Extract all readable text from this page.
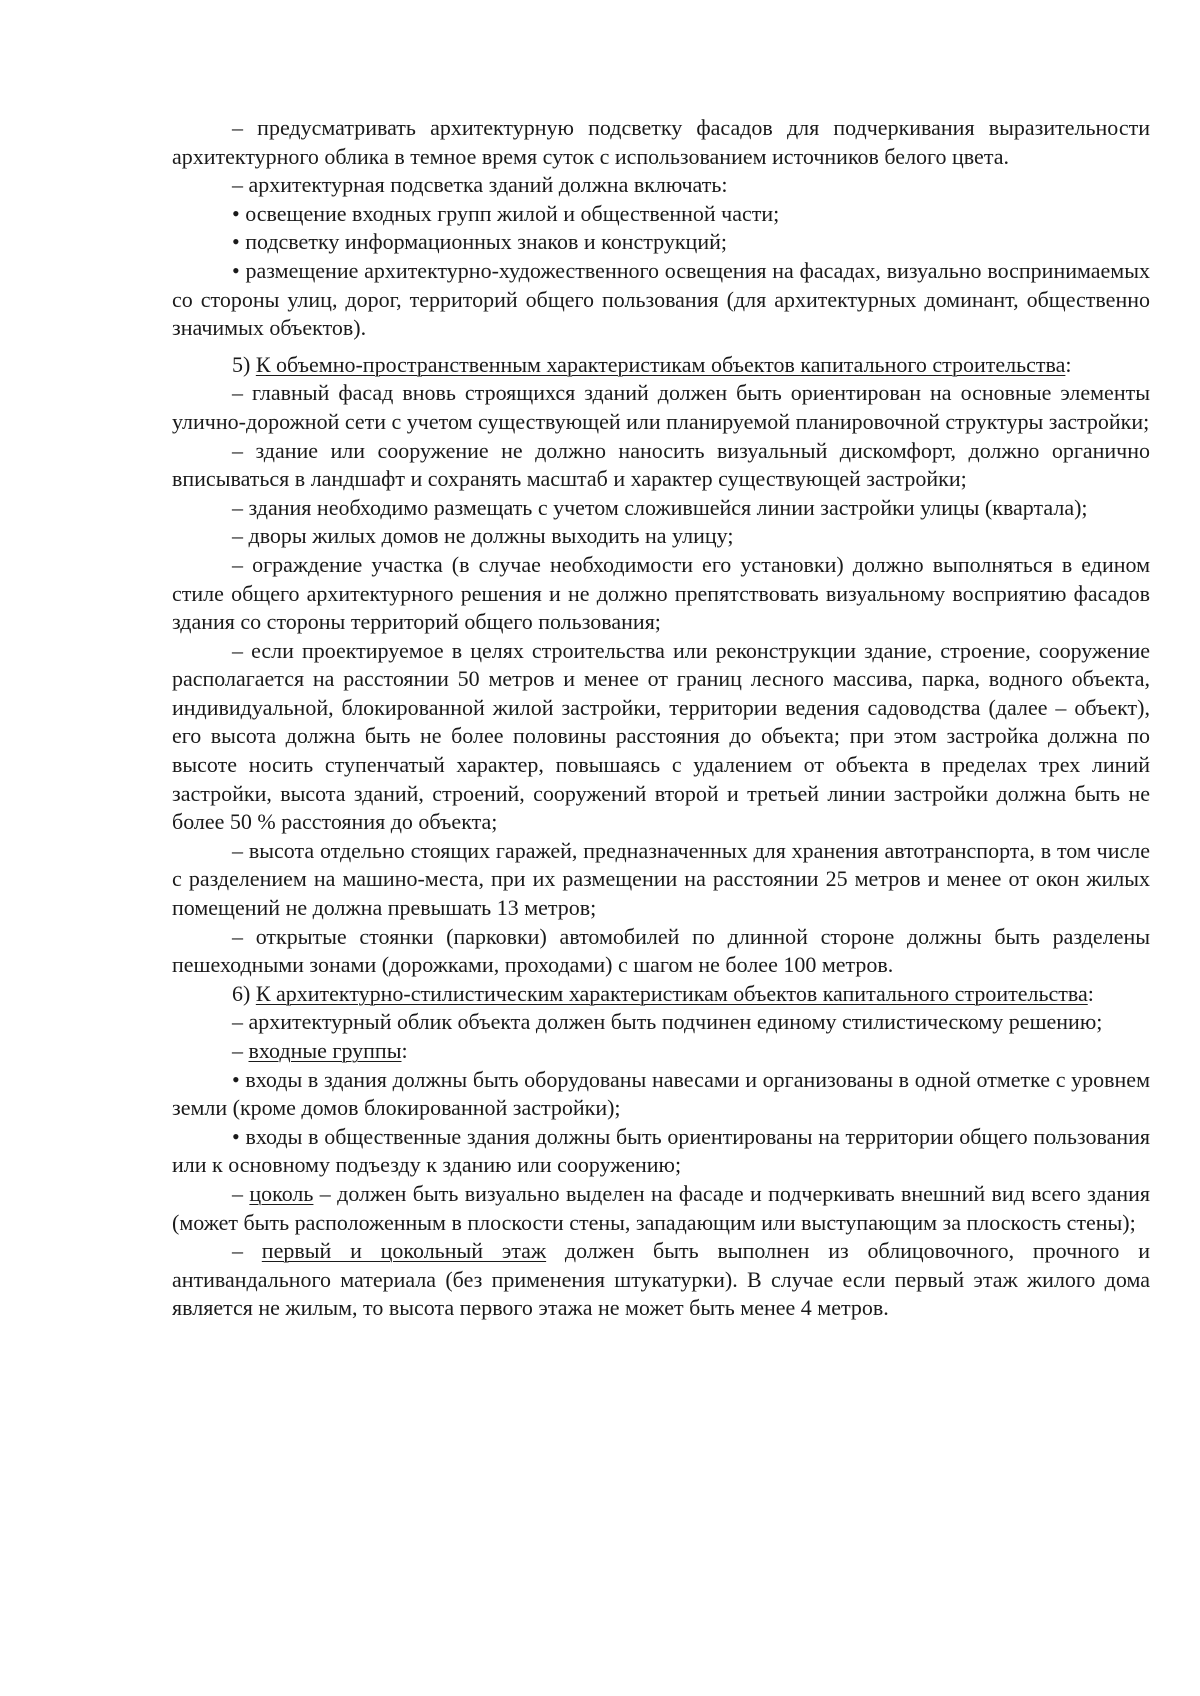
– предусматривать архитектурную подсветку фасадов для подчеркивания выразительности архитектурного облика в темное время суток с использованием источников белого цвета.

– архитектурная подсветка зданий должна включать:

• освещение входных групп жилой и общественной части;

• подсветку информационных знаков и конструкций;

• размещение архитектурно-художественного освещения на фасадах, визуально воспринимаемых со стороны улиц, дорог, территорий общего пользования (для архитектурных доминант, общественно значимых объектов).

5) К объемно-пространственным характеристикам объектов капитального строительства:

– главный фасад вновь строящихся зданий должен быть ориентирован на основные элементы улично-дорожной сети с учетом существующей или планируемой планировочной структуры застройки;

– здание или сооружение не должно наносить визуальный дискомфорт, должно органично вписываться в ландшафт и сохранять масштаб и характер существующей застройки;

– здания необходимо размещать с учетом сложившейся линии застройки улицы (квартала);

– дворы жилых домов не должны выходить на улицу;

– ограждение участка (в случае необходимости его установки) должно выполняться в едином стиле общего архитектурного решения и не должно препятствовать визуальному восприятию фасадов здания со стороны территорий общего пользования;

– если проектируемое в целях строительства или реконструкции здание, строение, сооружение располагается на расстоянии 50 метров и менее от границ лесного массива, парка, водного объекта, индивидуальной, блокированной жилой застройки, территории ведения садоводства (далее – объект), его высота должна быть не более половины расстояния до объекта; при этом застройка должна по высоте носить ступенчатый характер, повышаясь с удалением от объекта в пределах трех линий застройки, высота зданий, строений, сооружений второй и третьей линии застройки должна быть не более 50 % расстояния до объекта;

– высота отдельно стоящих гаражей, предназначенных для хранения автотранспорта, в том числе с разделением на машино-места, при их размещении на расстоянии 25 метров и менее от окон жилых помещений не должна превышать 13 метров;

– открытые стоянки (парковки) автомобилей по длинной стороне должны быть разделены пешеходными зонами (дорожками, проходами) с шагом не более 100 метров.

6) К архитектурно-стилистическим характеристикам объектов капитального строительства:

– архитектурный облик объекта должен быть подчинен единому стилистическому решению;

– входные группы:

• входы в здания должны быть оборудованы навесами и организованы в одной отметке с уровнем земли (кроме домов блокированной застройки);

• входы в общественные здания должны быть ориентированы на территории общего пользования или к основному подъезду к зданию или сооружению;

– цоколь – должен быть визуально выделен на фасаде и подчеркивать внешний вид всего здания (может быть расположенным в плоскости стены, западающим или выступающим за плоскость стены);

– первый и цокольный этаж должен быть выполнен из облицовочного, прочного и антивандального материала (без применения штукатурки). В случае если первый этаж жилого дома является не жилым, то высота первого этажа не может быть менее 4 метров.
